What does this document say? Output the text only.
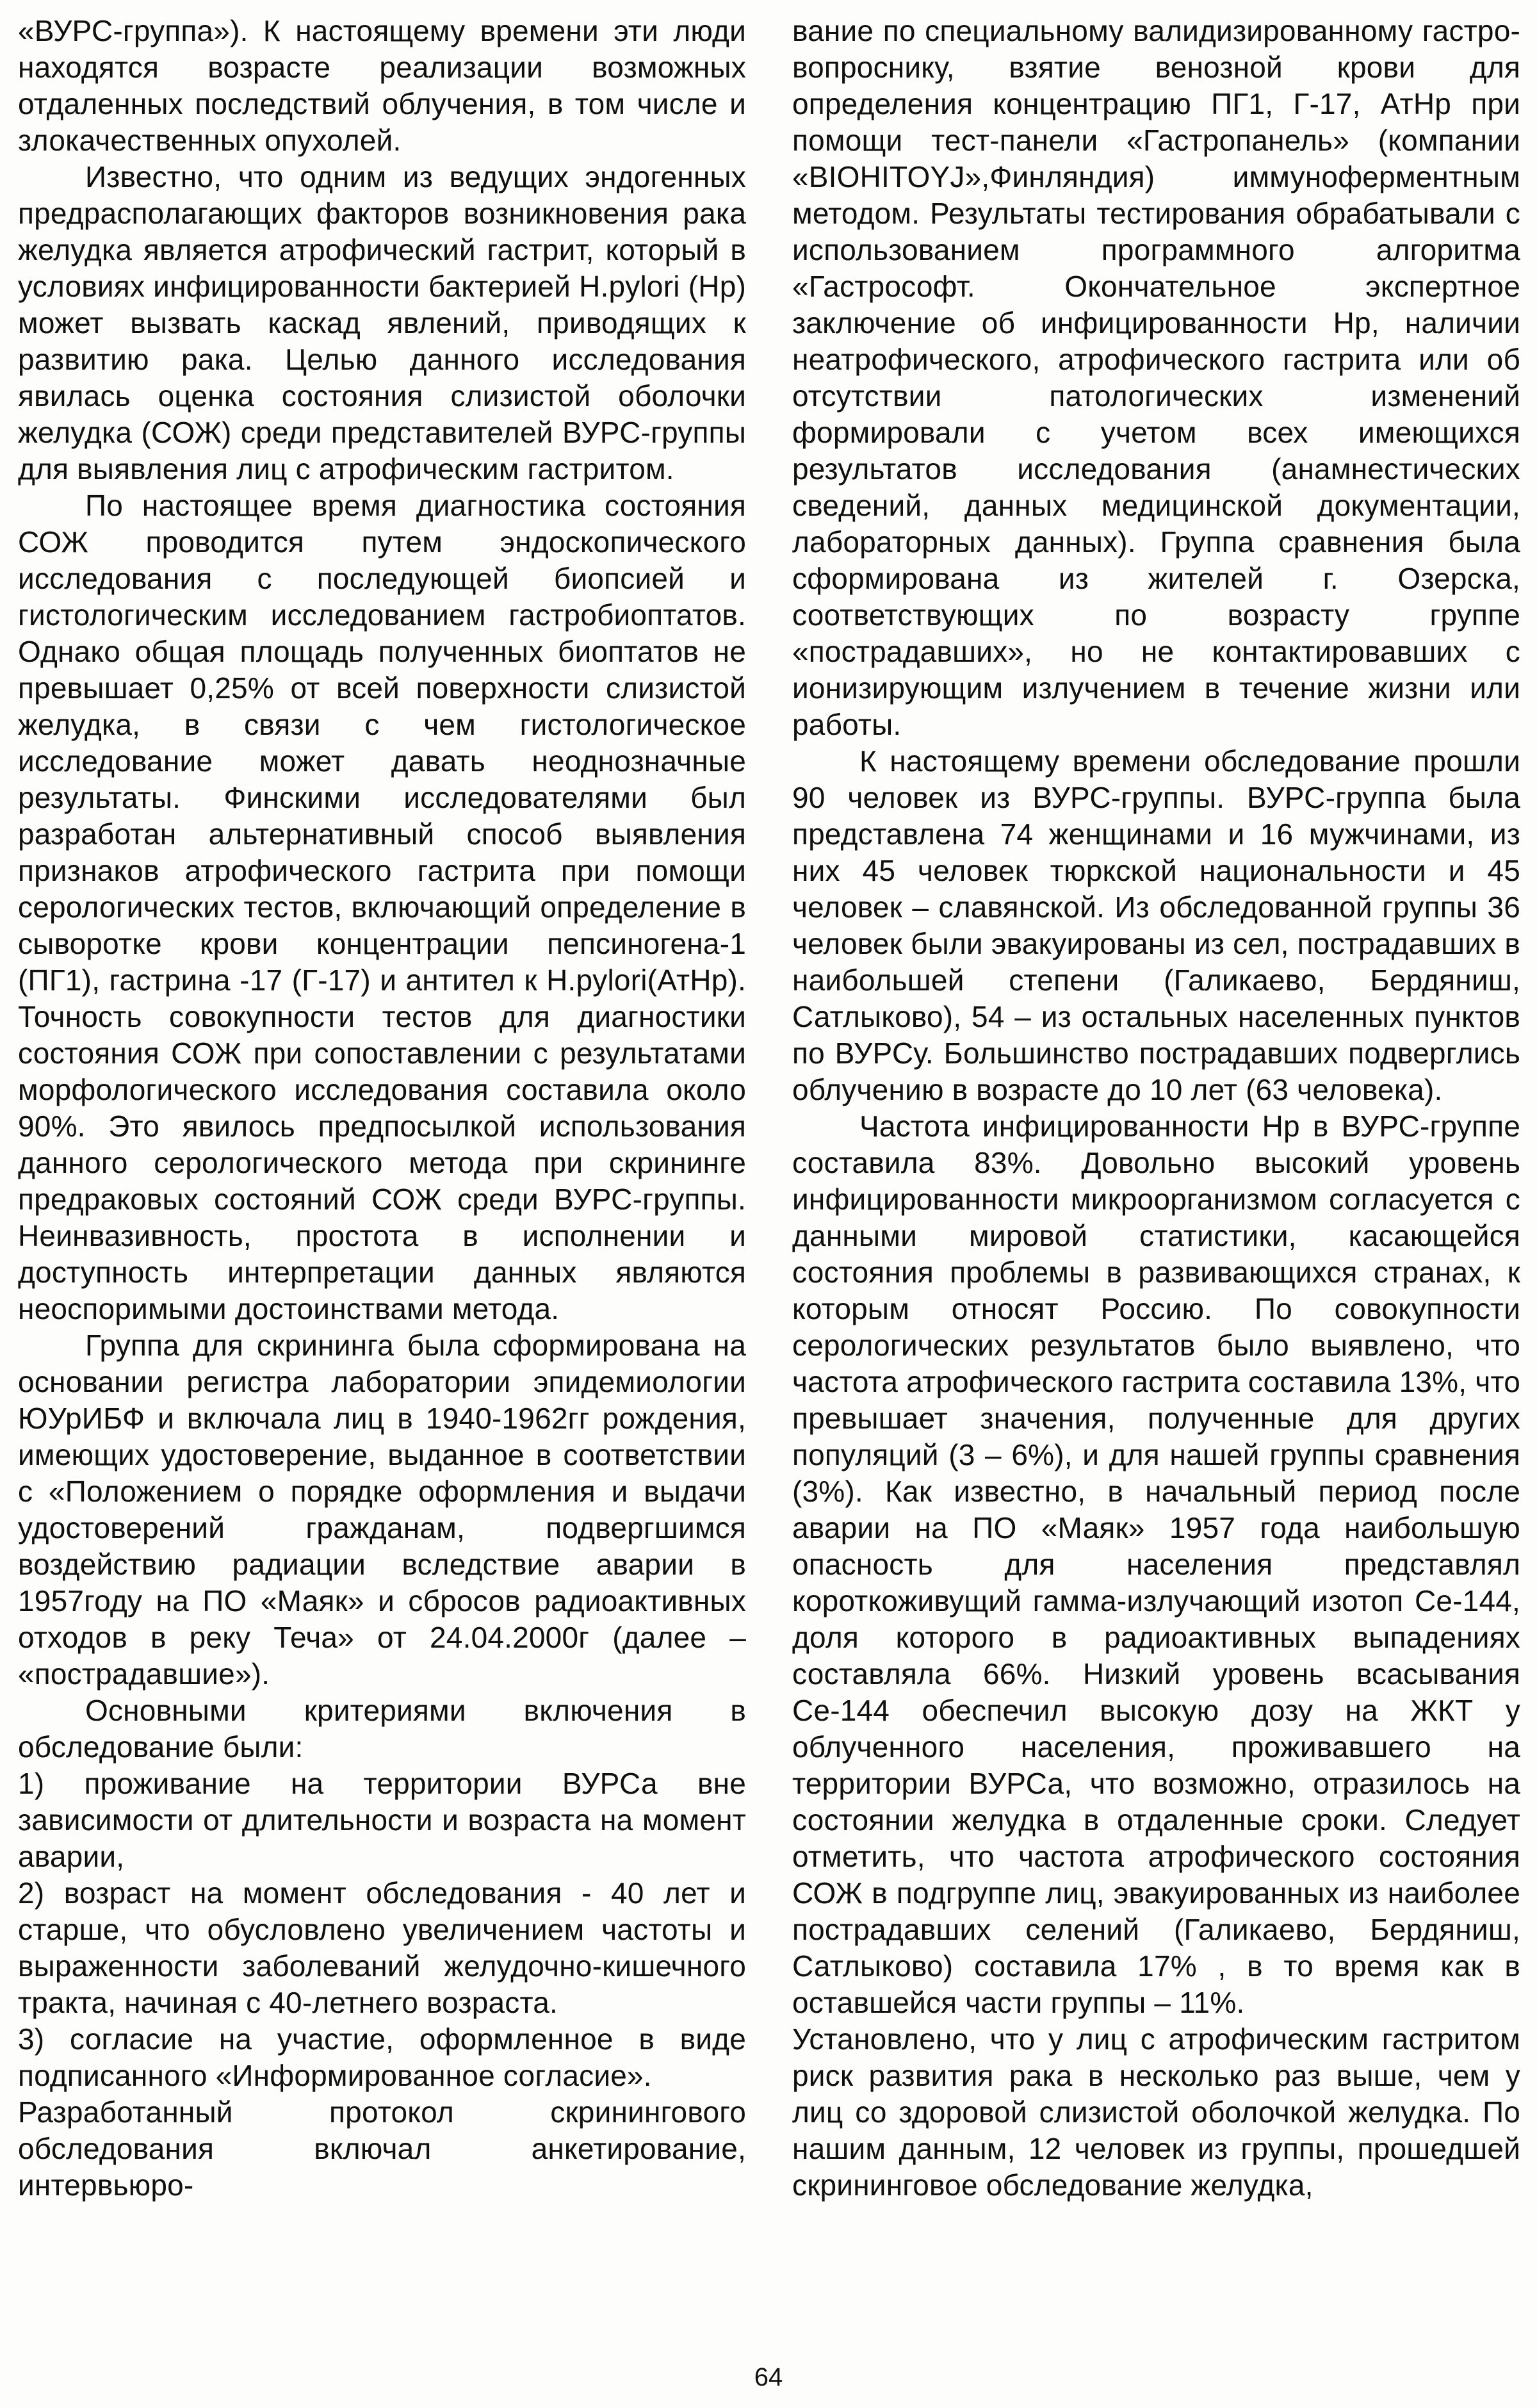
«ВУРС-группа»). К настоящему времени эти люди находятся возрасте реализации возможных отдаленных последствий облучения, в том числе и злокачественных опухолей.

Известно, что одним из ведущих эндогенных предрасполагающих факторов возникновения рака желудка является атрофический гастрит, который в условиях инфицированности бактерией H.pylori (Нр) может вызвать каскад явлений, приводящих к развитию рака. Целью данного исследования явилась оценка состояния слизистой оболочки желудка (СОЖ) среди представителей ВУРС-группы для выявления лиц с атрофическим гастритом.

По настоящее время диагностика состояния СОЖ проводится путем эндоскопического исследования с последующей биопсией и гистологическим исследованием гастробиоптатов. Однако общая площадь полученных биоптатов не превышает 0,25% от всей поверхности слизистой желудка, в связи с чем гистологическое исследование может давать неоднозначные результаты. Финскими исследователями был разработан альтернативный способ выявления признаков атрофического гастрита при помощи серологических тестов, включающий определение в сыворотке крови концентрации пепсиногена-1 (ПГ1), гастрина -17 (Г-17) и антител к H.pylori(АтНр). Точность совокупности тестов для диагностики состояния СОЖ при сопоставлении с результатами морфологического исследования составила около 90%. Это явилось предпосылкой использования данного серологического метода при скрининге предраковых состояний СОЖ среди ВУРС-группы. Неинвазивность, простота в исполнении и доступность интерпретации данных являются неоспоримыми достоинствами метода.

Группа для скрининга была сформирована на основании регистра лаборатории эпидемиологии ЮУрИБФ и включала лиц в 1940-1962гг рождения, имеющих удостоверение, выданное в соответствии с «Положением о порядке оформления и выдачи удостоверений гражданам, подвергшимся воздействию радиации вследствие аварии в 1957году на ПО «Маяк» и сбросов радиоактивных отходов в реку Теча» от 24.04.2000г (далее – «пострадавшие»).

Основными критериями включения в обследование были:

1) проживание на территории ВУРСа вне зависимости от длительности и возраста на момент аварии,

2) возраст на момент обследования - 40 лет и старше, что обусловлено увеличением частоты и выраженности заболеваний желудочно-кишечного тракта, начиная с 40-летнего возраста.

3) согласие на участие, оформленное в виде подписанного «Информированное согласие».

Разработанный протокол скринингового обследования включал анкетирование, интервьюро-

вание по специальному валидизированному гастро-вопроснику, взятие венозной крови для определения концентрацию ПГ1, Г-17, АтНр при помощи тест-панели «Гастропанель» (компании «BIOHITOYJ»,Финляндия) иммуноферментным методом. Результаты тестирования обрабатывали с использованием программного алгоритма «Гастрософт. Окончательное экспертное заключение об инфицированности Нр, наличии неатрофического, атрофического гастрита или об отсутствии патологических изменений формировали с учетом всех имеющихся результатов исследования (анамнестических сведений, данных медицинской документации, лабораторных данных). Группа сравнения была сформирована из жителей г. Озерска, соответствующих по возрасту группе «пострадавших», но не контактировавших с ионизирующим излучением в течение жизни или работы.

К настоящему времени обследование прошли 90 человек из ВУРС-группы. ВУРС-группа была представлена 74 женщинами и 16 мужчинами, из них 45 человек тюркской национальности и 45 человек – славянской. Из обследованной группы 36 человек были эвакуированы из сел, пострадавших в наибольшей степени (Галикаево, Бердяниш, Сатлыково), 54 – из остальных населенных пунктов по ВУРСу. Большинство пострадавших подверглись облучению в возрасте до 10 лет (63 человека).

Частота инфицированности Нр в ВУРС-группе составила 83%. Довольно высокий уровень инфицированности микроорганизмом согласуется с данными мировой статистики, касающейся состояния проблемы в развивающихся странах, к которым относят Россию. По совокупности серологических результатов было выявлено, что частота атрофического гастрита составила 13%, что превышает значения, полученные для других популяций (3 – 6%), и для нашей группы сравнения (3%). Как известно, в начальный период после аварии на ПО «Маяк» 1957 года наибольшую опасность для населения представлял короткоживущий гамма-излучающий изотоп Се-144, доля которого в радиоактивных выпадениях составляла 66%. Низкий уровень всасывания Се-144 обеспечил высокую дозу на ЖКТ у облученного населения, проживавшего на территории ВУРСа, что возможно, отразилось на состоянии желудка в отдаленные сроки. Следует отметить, что частота атрофического состояния СОЖ в подгруппе лиц, эвакуированных из наиболее пострадавших селений (Галикаево, Бердяниш, Сатлыково) составила 17% , в то время как в оставшейся части группы – 11%.

Установлено, что у лиц с атрофическим гастритом риск развития рака в несколько раз выше, чем у лиц со здоровой слизистой оболочкой желудка. По нашим данным, 12 человек из группы, прошедшей скрининговое обследование желудка,

64
